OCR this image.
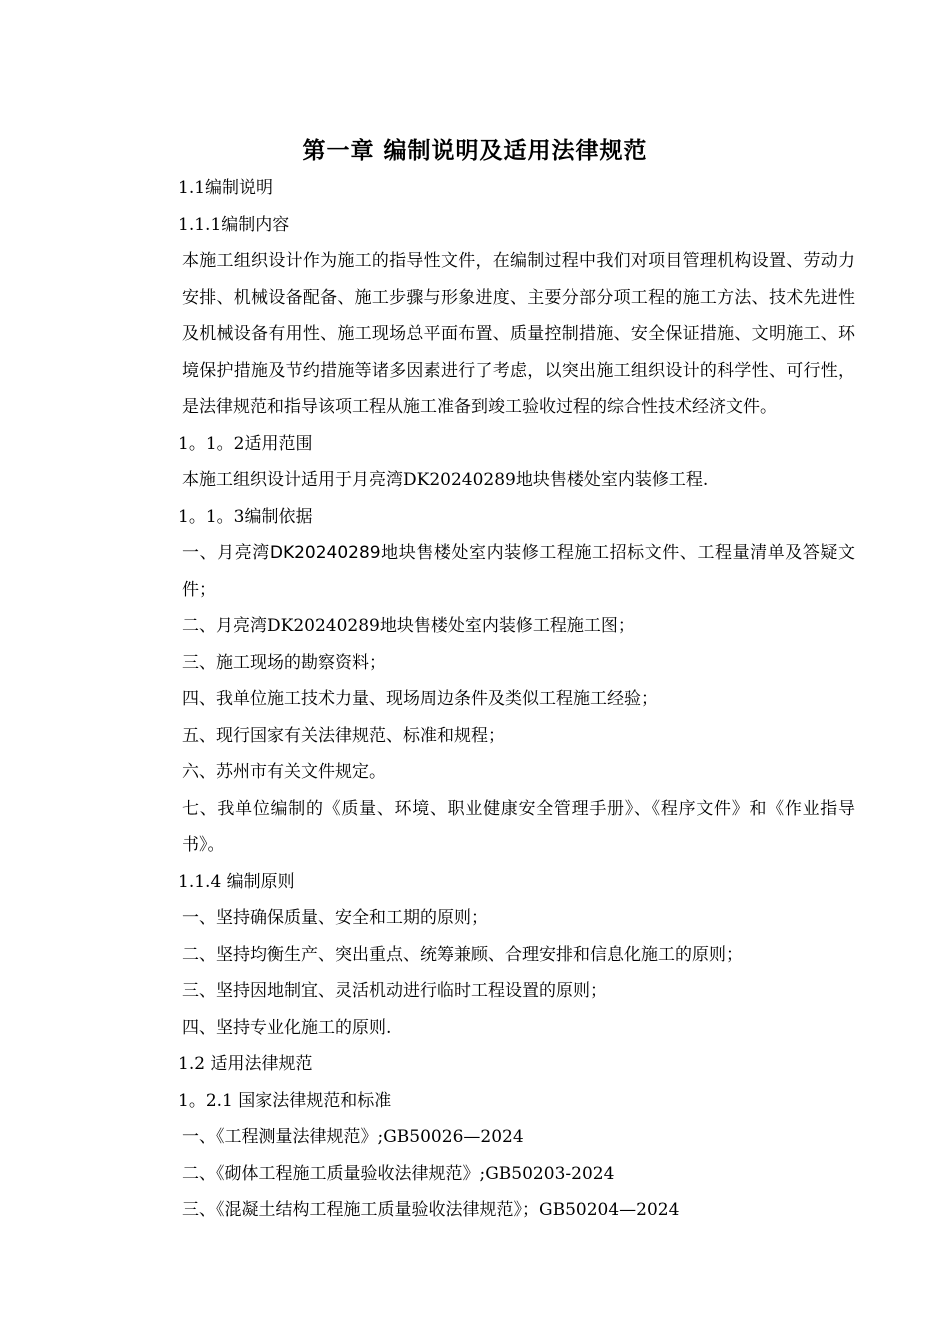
第一章 编制说明及适用法律规范

1.1编制说明

1.1.1编制内容

本施工组织设计作为施工的指导性文件，在编制过程中我们对项目管理机构设置、劳动力安排、机械设备配备、施工步骤与形象进度、主要分部分项工程的施工方法、技术先进性及机械设备有用性、施工现场总平面布置、质量控制措施、安全保证措施、文明施工、环境保护措施及节约措施等诸多因素进行了考虑，以突出施工组织设计的科学性、可行性，是法律规范和指导该项工程从施工准备到竣工验收过程的综合性技术经济文件。

1。1。2适用范围

本施工组织设计适用于月亮湾DK20240289地块售楼处室内装修工程.

1。1。3编制依据

一、月亮湾DK20240289地块售楼处室内装修工程施工招标文件、工程量清单及答疑文件；

二、月亮湾DK20240289地块售楼处室内装修工程施工图；

三、施工现场的勘察资料；

四、我单位施工技术力量、现场周边条件及类似工程施工经验；

五、现行国家有关法律规范、标准和规程；

六、苏州市有关文件规定。

七、我单位编制的《质量、环境、职业健康安全管理手册》、《程序文件》和《作业指导书》。

1.1.4 编制原则

一、坚持确保质量、安全和工期的原则；

二、坚持均衡生产、突出重点、统筹兼顾、合理安排和信息化施工的原则；

三、坚持因地制宜、灵活机动进行临时工程设置的原则；

四、坚持专业化施工的原则.

1.2 适用法律规范

1。2.1 国家法律规范和标准

一、《工程测量法律规范》;GB50026—2024

二、《砌体工程施工质量验收法律规范》;GB50203-2024

三、《混凝土结构工程施工质量验收法律规范》；GB50204—2024
